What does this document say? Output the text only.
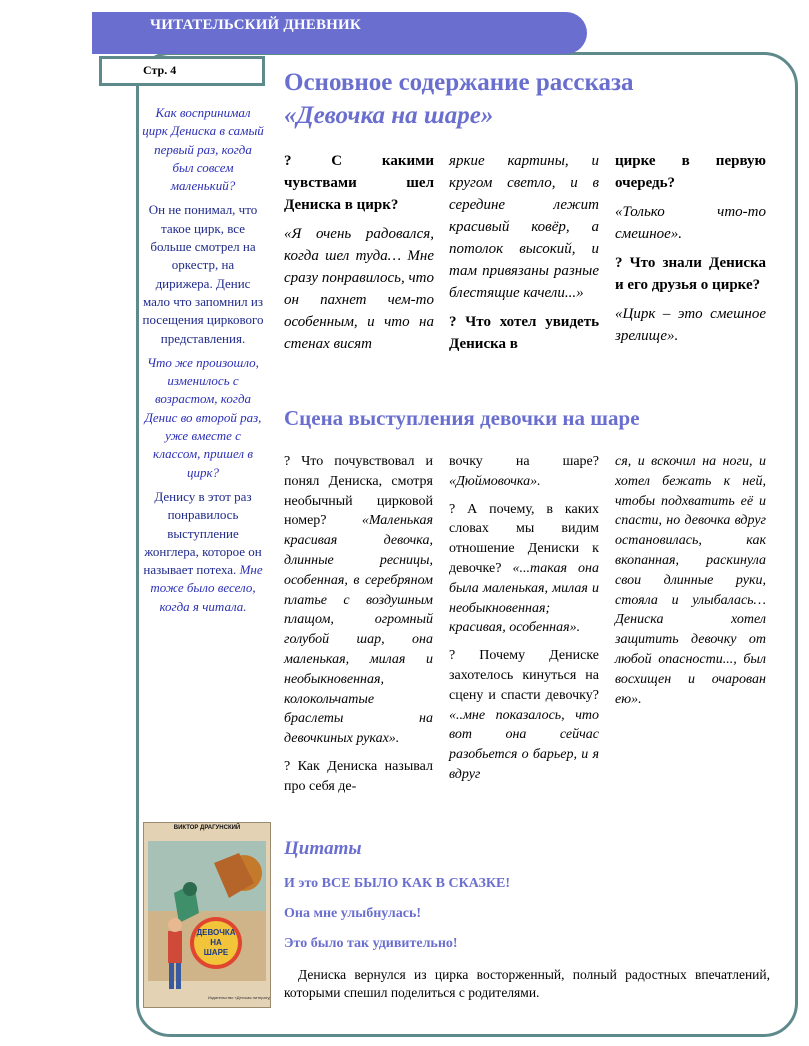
ЧИТАТЕЛЬСКИЙ ДНЕВНИК
Стр. 4

Как воспринимал цирк Дениска в самый первый раз, когда был совсем маленький?

Он не понимал, что такое цирк, все больше смотрел на оркестр, на дирижера. Денис мало что запомнил из посещения циркового представления.

Что же произошло, изменилось с возрастом, когда Денис во второй раз, уже вместе с классом, пришел в цирк?

Денису в этот раз понравилось выступление жонглера, которое он называет потеха. Мне тоже было весело, когда я читала.

Основное содержание рассказа
«Девочка на шаре»

? С какими чувствами шел Дениска в цирк?

«Я очень радовался, когда шел туда… Мне сразу понравилось, что он пахнет чем-то особенным, и что на стенах висят

яркие картины, и кругом светло, и в середине лежит красивый ковёр, а потолок высокий, и там привязаны разные блестящие качели...»

? Что хотел увидеть Дениска в

цирке в первую очередь?

«Только что-то смешное».

? Что знали Дениска и его друзья о цирке?

«Цирк – это смешное зрелище».

Сцена выступления девочки на шаре

? Что почувствовал и понял Дениска, смотря необычный цирковой номер?	«Маленькая красивая девочка, длинные ресницы, особенная, в серебряном платье с воздушным плащом, огромный голубой шар, она маленькая, милая и необыкновенная, колокольчатые браслеты на девочкиных руках».

? Как Дениска называл про себя де-

вочку на шаре? «Дюймовочка».

? А почему, в каких словах мы видим отношение Дениски к девочке? «...такая она была маленькая, милая и необыкновенная; красивая, особенная».

? Почему Дениске захотелось кинуться на сцену и спасти девочку? «..мне показалось, что вот она сейчас разобьется о барьер, и я вдруг

ся, и вскочил на ноги, и хотел бежать к ней, чтобы подхватить её и спасти, но девочка вдруг остановилась, как вкопанная, раскинула свои длинные руки, стояла и улыбалась… Дениска хотел защитить девочку от любой опасности..., был восхищен и очарован ею».

ВИКТОР ДРАГУНСКИЙ
ДЕВОЧКА
НА
ШАРЕ
Издательство «Детская литература»
Цитаты
И это ВСЕ БЫЛО КАК В СКАЗКЕ!
Она мне улыбнулась!
Это было так удивительно!
Дениска вернулся из цирка восторженный, полный радостных впечатлений, которыми спешил поделиться с родителями.
